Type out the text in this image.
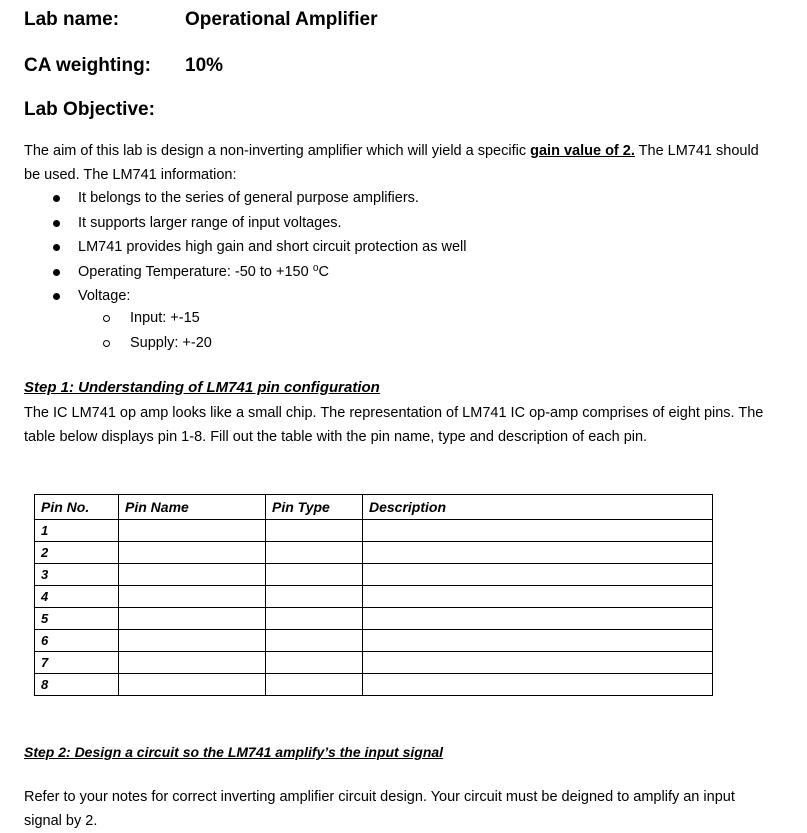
Lab name:	Operational Amplifier
CA weighting: 10%
Lab Objective:
The aim of this lab is design a non-inverting amplifier which will yield a specific gain value of 2. The LM741 should be used. The LM741 information:
It belongs to the series of general purpose amplifiers.
It supports larger range of input voltages.
LM741 provides high gain and short circuit protection as well
Operating Temperature: -50 to +150 ⁰C
Voltage:
Input: +-15
Supply: +-20
Step 1: Understanding of LM741 pin configuration
The IC LM741 op amp looks like a small chip. The representation of LM741 IC op-amp comprises of eight pins. The table below displays pin 1-8. Fill out the table with the pin name, type and description of each pin.
Pin No.	Pin Name	Pin Type	Description
1			
2			
3			
4			
5			
6			
7			
8			
Step 2: Design a circuit so the LM741 amplify’s the input signal
Refer to your notes for correct inverting amplifier circuit design. Your circuit must be deigned to amplify an input signal by 2.
